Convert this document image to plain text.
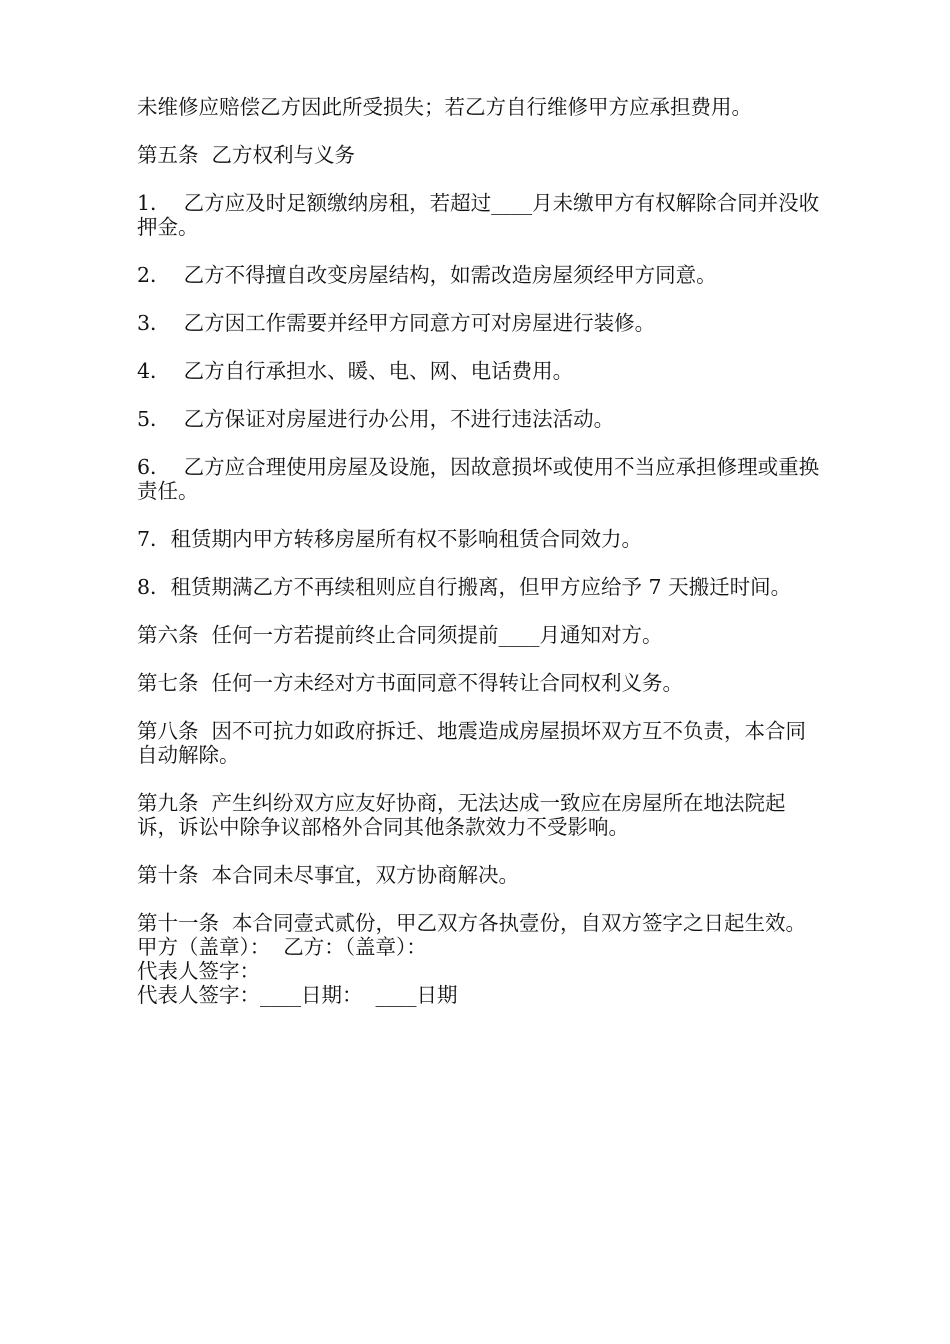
未维修应赔偿乙方因此所受损失；若乙方自行维修甲方应承担费用。

第五条  乙方权利与义务

1．  乙方应及时足额缴纳房租，若超过____月未缴甲方有权解除合同并没收押金。

2．  乙方不得擅自改变房屋结构，如需改造房屋须经甲方同意。

3．  乙方因工作需要并经甲方同意方可对房屋进行装修。

4．  乙方自行承担水、暖、电、网、电话费用。

5．  乙方保证对房屋进行办公用，不进行违法活动。

6．  乙方应合理使用房屋及设施，因故意损坏或使用不当应承担修理或重换责任。

7．租赁期内甲方转移房屋所有权不影响租赁合同效力。

8．租赁期满乙方不再续租则应自行搬离，但甲方应给予 7 天搬迁时间。

第六条  任何一方若提前终止合同须提前____月通知对方。

第七条  任何一方未经对方书面同意不得转让合同权利义务。

第八条  因不可抗力如政府拆迁、地震造成房屋损坏双方互不负责，本合同自动解除。

第九条  产生纠纷双方应友好协商，无法达成一致应在房屋所在地法院起诉，诉讼中除争议部格外合同其他条款效力不受影响。

第十条  本合同未尽事宜，双方协商解决。

第十一条  本合同壹式贰份，甲乙双方各执壹份，自双方签字之日起生效。

甲方（盖章）：  乙方：（盖章）：

代表人签字：

代表人签字：____日期：  ____日期
